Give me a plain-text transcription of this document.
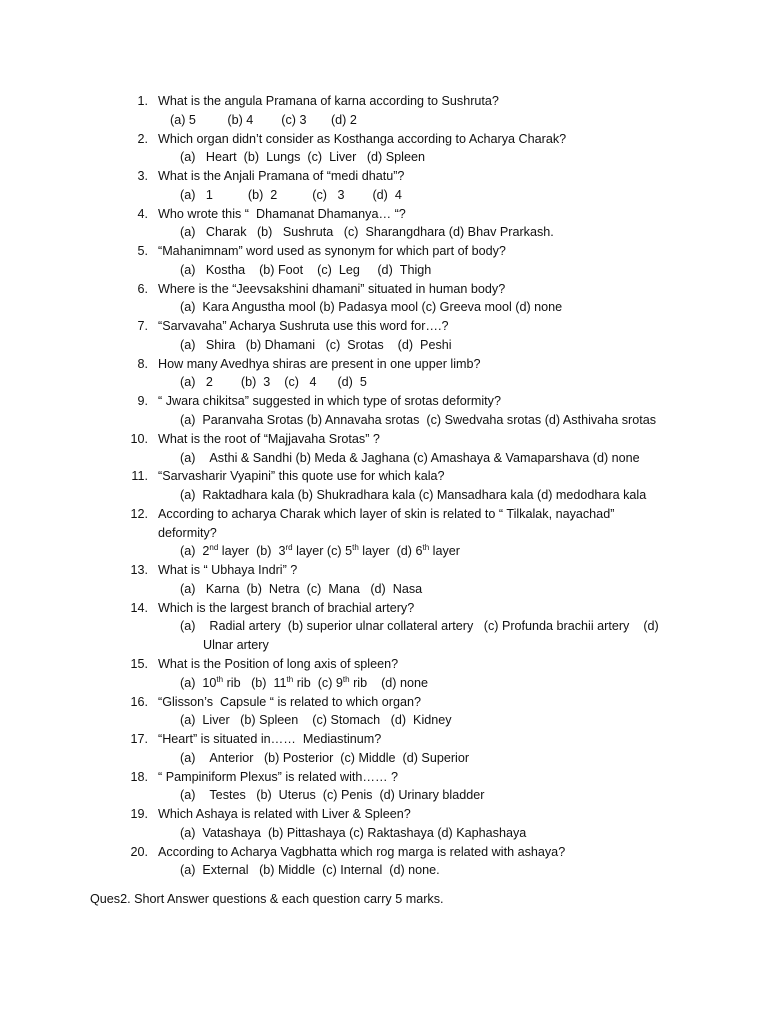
1. What is the angula Pramana of karna according to Sushruta?
(a) 5         (b) 4        (c) 3       (d) 2
2. Which organ didn’t consider as Kosthanga according to Acharya Charak?
(a)   Heart  (b)  Lungs  (c)  Liver   (d) Spleen
3. What is the Anjali Pramana of “medi dhatu”?
(a)   1          (b)  2          (c)   3        (d)  4
4. Who wrote this “  Dhamanat Dhamanya… “?
(a)   Charak   (b)   Sushruta   (c)  Sharangdhara (d) Bhav Prarkash.
5. “Mahanimnam” word used as synonym for which part of body?
(a)   Kostha    (b) Foot    (c)  Leg     (d)  Thigh
6. Where is the “Jeevsakshini dhamani” situated in human body?
(a)  Kara Angustha mool (b) Padasya mool (c) Greeva mool (d) none
7. “Sarvavaha” Acharya Sushruta use this word for….?
(a)   Shira   (b) Dhamani   (c)  Srotas    (d)  Peshi
8. How many Avedhya shiras are present in one upper limb?
(a)   2        (b)  3    (c)   4      (d)  5
9. “ Jwara chikitsa” suggested in which type of srotas deformity?
(a)  Paranvaha Srotas (b) Annavaha srotas  (c) Swedvaha srotas (d) Asthivaha srotas
10. What is the root of “Majjavaha Srotas” ?
(a)    Asthi & Sandhi (b) Meda & Jaghana (c) Amashaya & Vamaparshava (d) none
11. “Sarvasharir Vyapini” this quote use for which kala?
(a)  Raktadhara kala (b) Shukradhara kala (c) Mansadhara kala (d) medodhara kala
12. According to acharya Charak which layer of skin is related to “ Tilkalak, nayachad”
deformity?
(a)  2nd layer  (b)  3rd layer (c) 5th layer  (d) 6th layer
13. What is “ Ubhaya Indri” ?
(a)   Karna  (b)  Netra  (c)  Mana   (d)  Nasa
14. Which is the largest branch of brachial artery?
(a)    Radial artery  (b) superior ulnar collateral artery   (c) Profunda brachii artery    (d)
Ulnar artery
15. What is the Position of long axis of spleen?
(a)  10th rib   (b)  11th rib  (c) 9th rib    (d) none
16. “Glisson’s  Capsule “ is related to which organ?
(a)  Liver   (b) Spleen    (c) Stomach   (d)  Kidney
17. “Heart” is situated in……  Mediastinum?
(a)    Anterior   (b) Posterior  (c) Middle  (d) Superior
18. “ Pampiniform Plexus” is related with…… ?
(a)    Testes   (b)  Uterus  (c) Penis  (d) Urinary bladder
19. Which Ashaya is related with Liver & Spleen?
(a)  Vatashaya  (b) Pittashaya (c) Raktashaya (d) Kaphashaya
20. According to Acharya Vagbhatta which rog marga is related with ashaya?
(a)  External   (b) Middle  (c) Internal  (d) none.
Ques2. Short Answer questions & each question carry 5 marks.
